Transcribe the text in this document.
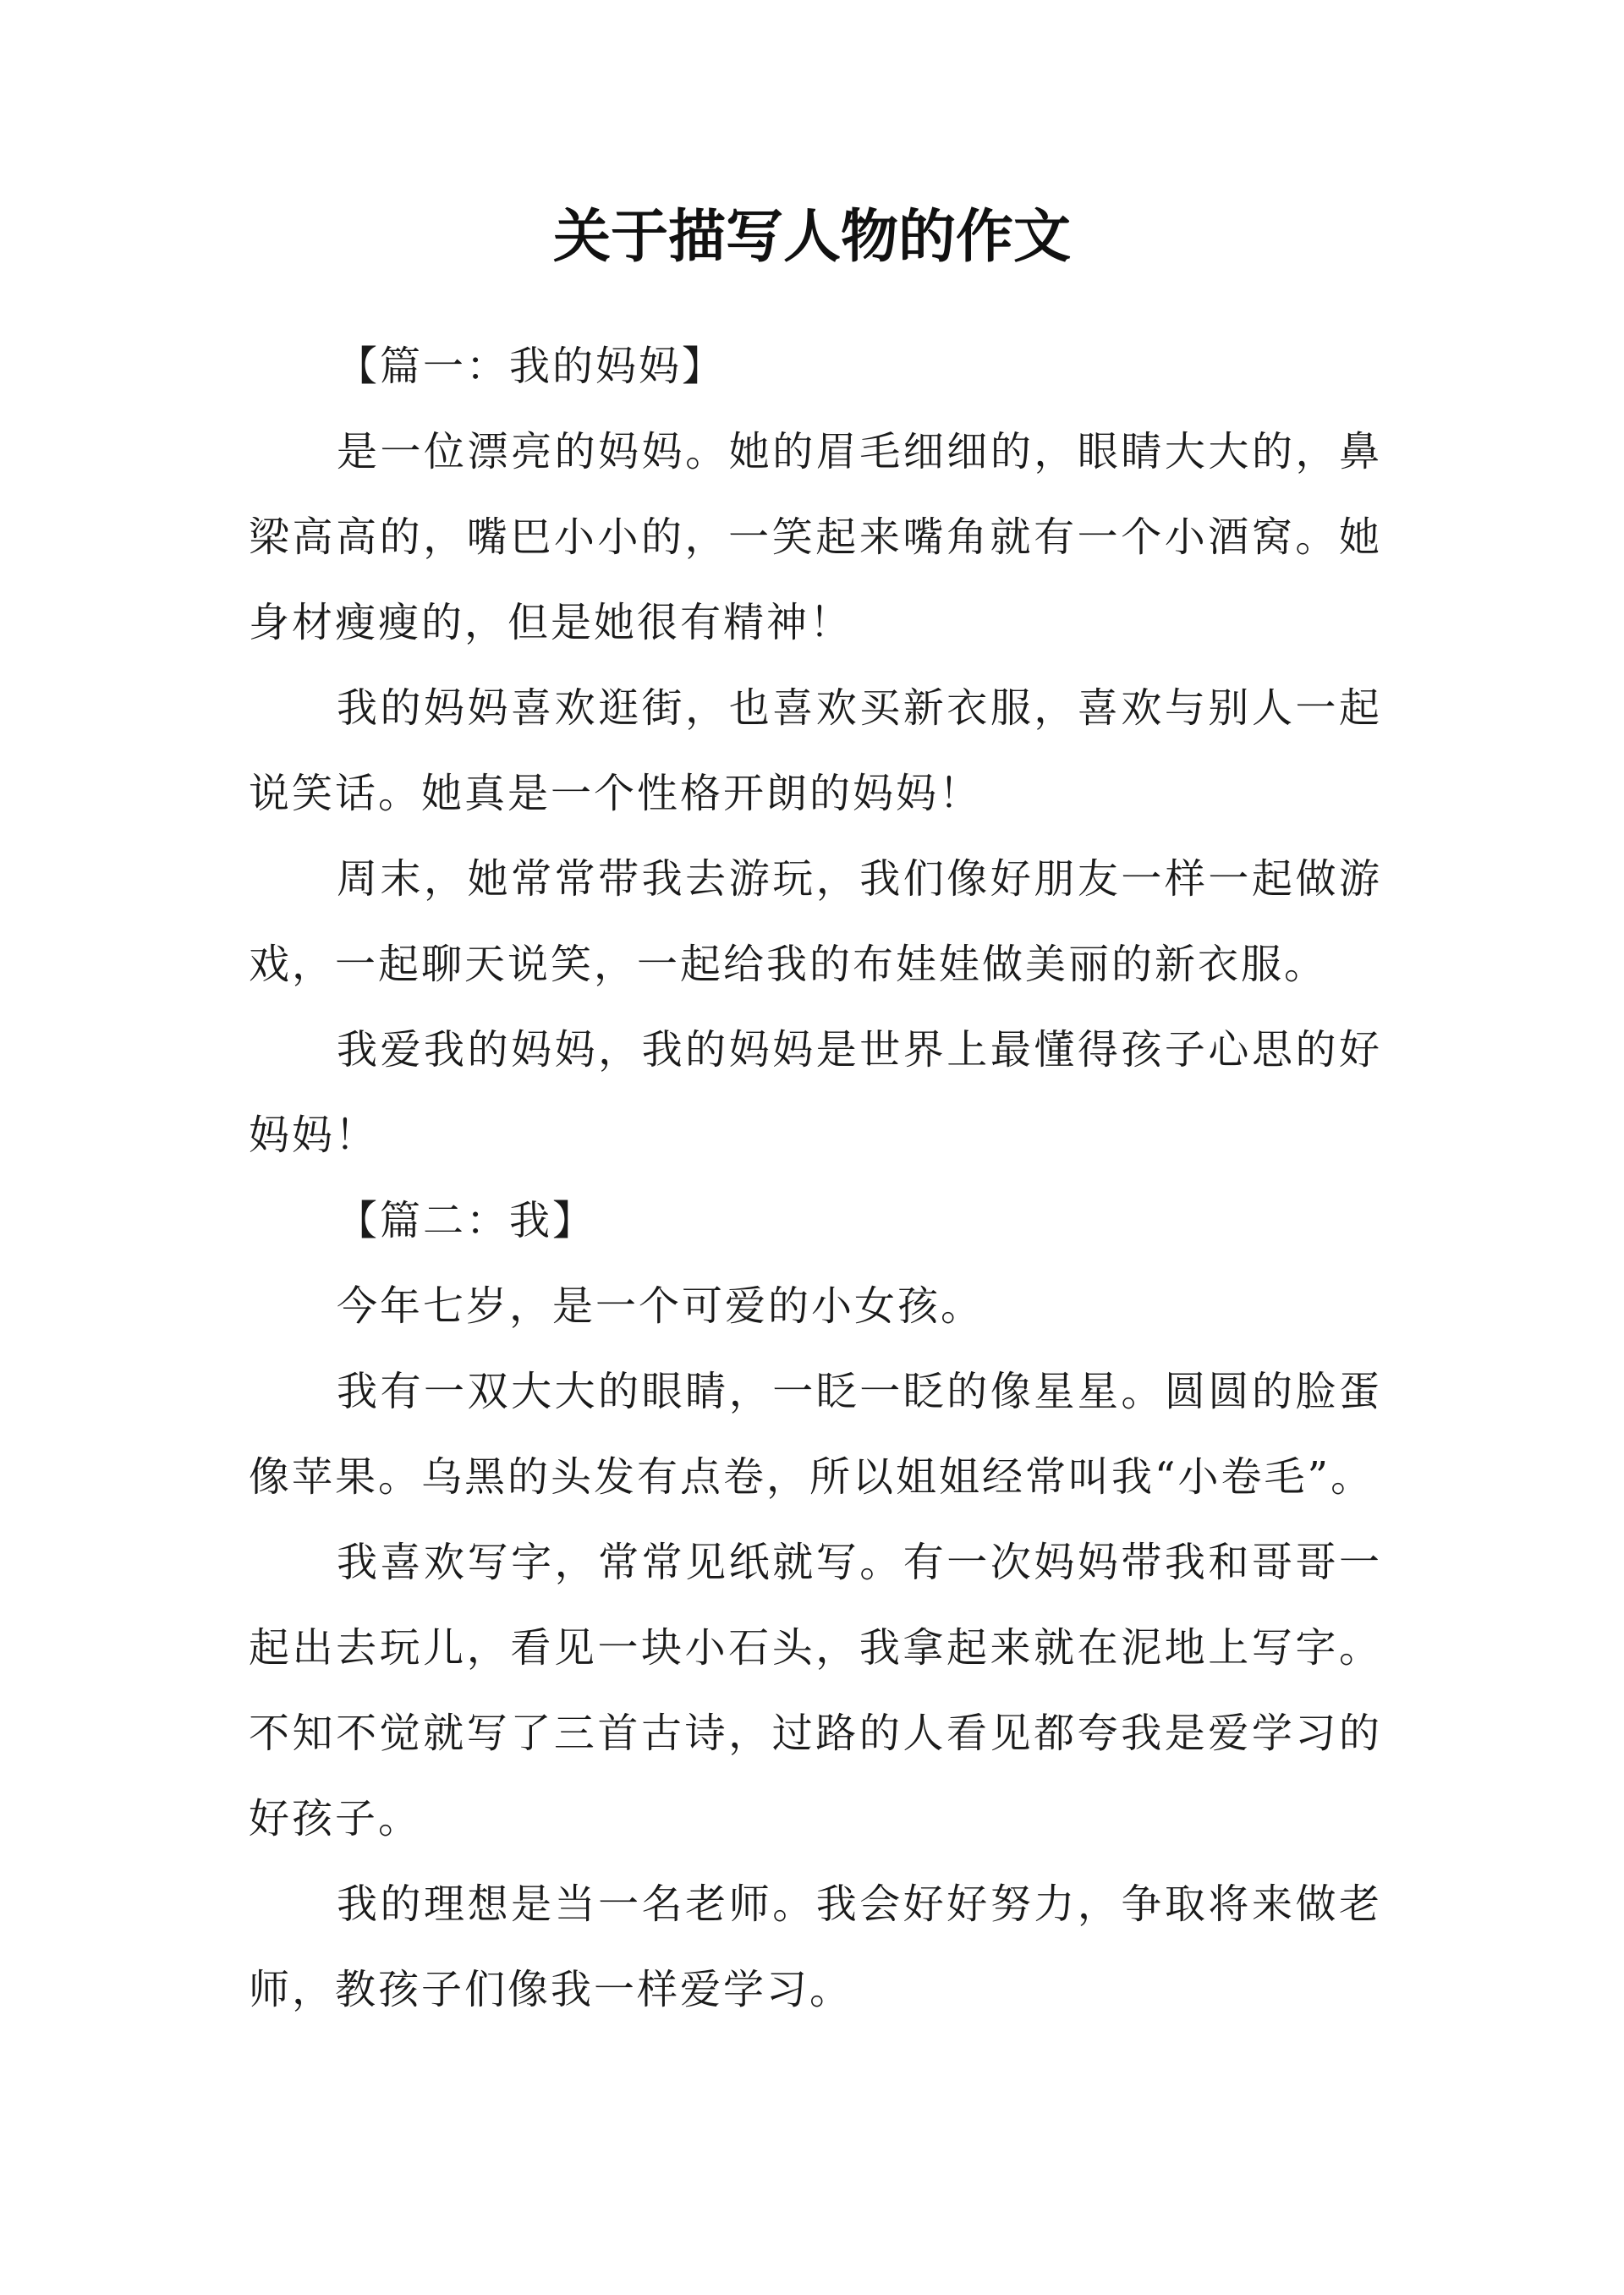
关于描写人物的作文

【篇一：我的妈妈】

是一位漂亮的妈妈。她的眉毛细细的，眼睛大大的，鼻梁高高的，嘴巴小小的，一笑起来嘴角就有一个小酒窝。她身材瘦瘦的，但是她很有精神！

我的妈妈喜欢逛街，也喜欢买新衣服，喜欢与别人一起说笑话。她真是一个性格开朗的妈妈！

周末，她常常带我去游玩，我们像好朋友一样一起做游戏，一起聊天说笑，一起给我的布娃娃做美丽的新衣服。

我爱我的妈妈，我的妈妈是世界上最懂得孩子心思的好妈妈！

【篇二：我】

今年七岁，是一个可爱的小女孩。

我有一双大大的眼睛，一眨一眨的像星星。圆圆的脸蛋像苹果。乌黑的头发有点卷，所以姐姐经常叫我“小卷毛”。

我喜欢写字，常常见纸就写。有一次妈妈带我和哥哥一起出去玩儿，看见一块小石头，我拿起来就在泥地上写字。不知不觉就写了三首古诗，过路的人看见都夸我是爱学习的好孩子。

我的理想是当一名老师。我会好好努力，争取将来做老师，教孩子们像我一样爱学习。
